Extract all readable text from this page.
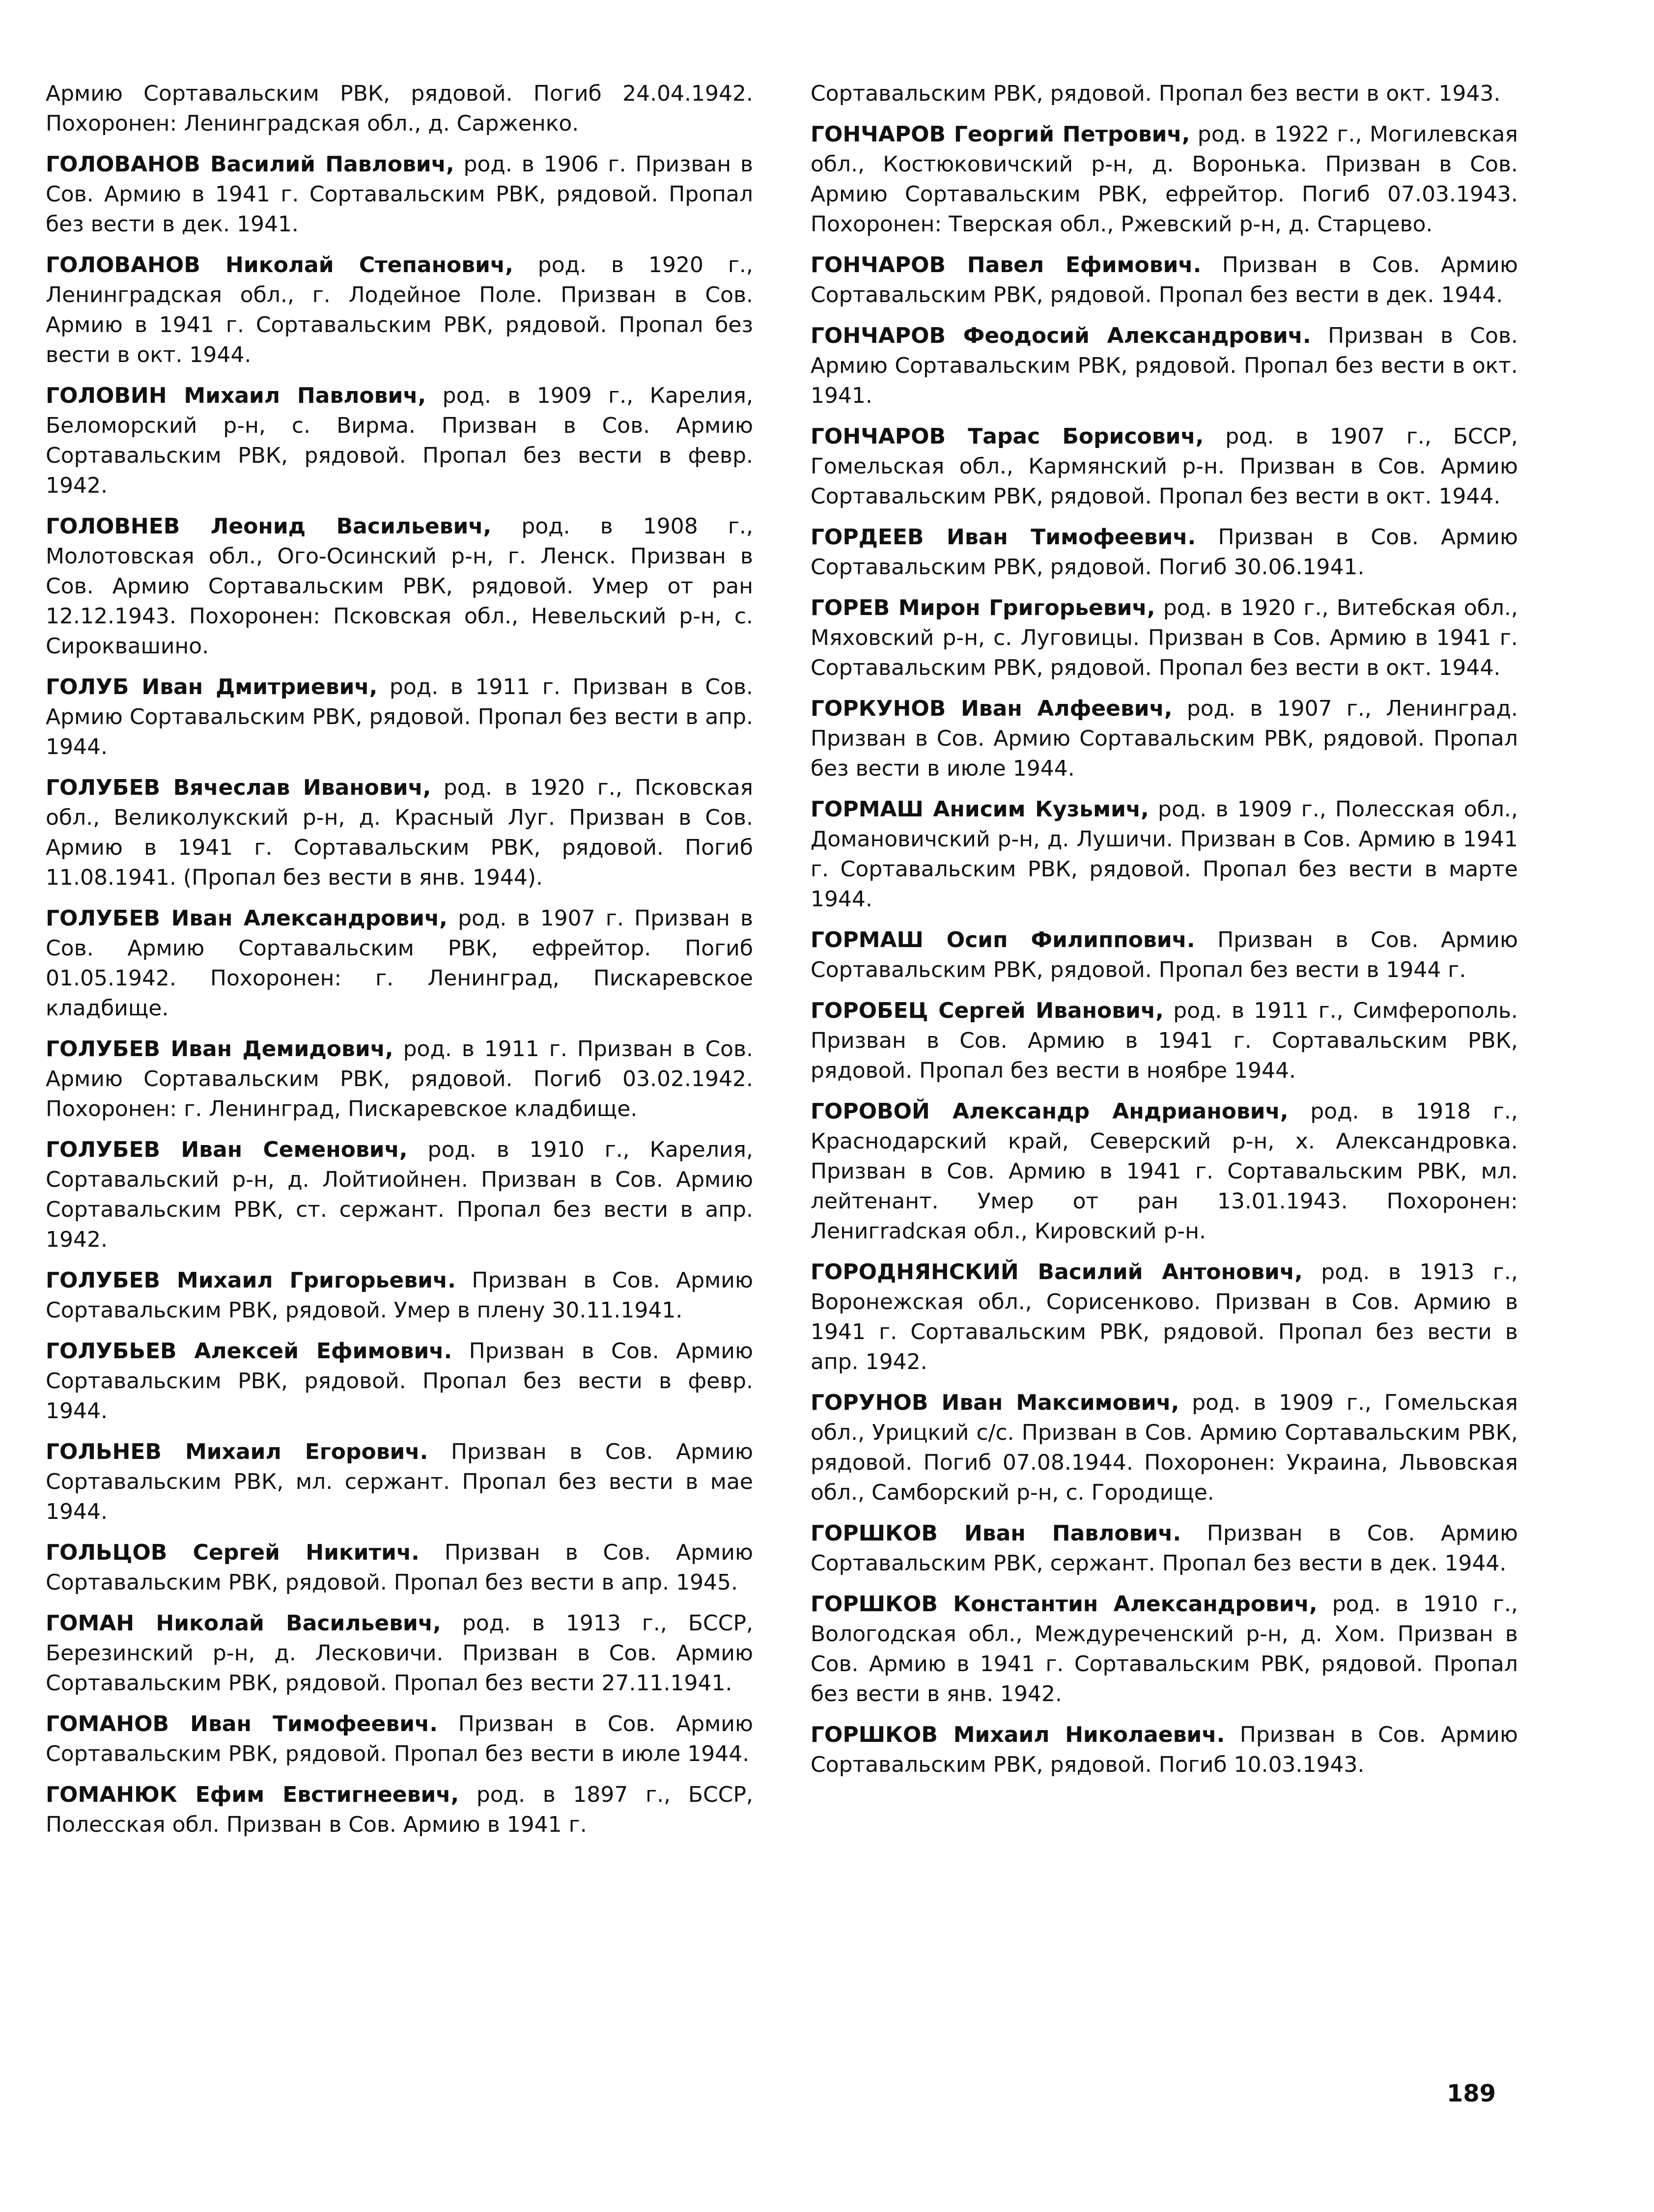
Армию Сортавальским РВК, рядовой. Погиб 24.04.1942. Похоронен: Ленинградская обл., д. Сарженко.

ГОЛОВАНОВ Василий Павлович, род. в 1906 г. Призван в Сов. Армию в 1941 г. Сортавальским РВК, рядовой. Пропал без вести в дек. 1941.

ГОЛОВАНОВ Николай Степанович, род. в 1920 г., Ленинградская обл., г. Лодейное Поле. Призван в Сов. Армию в 1941 г. Сортавальским РВК, рядовой. Пропал без вести в окт. 1944.

ГОЛОВИН Михаил Павлович, род. в 1909 г., Карелия, Беломорский р-н, с. Вирма. Призван в Сов. Армию Сортавальским РВК, рядовой. Пропал без вести в февр. 1942.

ГОЛОВНЕВ Леонид Васильевич, род. в 1908 г., Молотовская обл., Ого-Осинский р-н, г. Ленск. Призван в Сов. Армию Сортавальским РВК, рядовой. Умер от ран 12.12.1943. Похоронен: Псковская обл., Невельский р-н, с. Сироквашино.

ГОЛУБ Иван Дмитриевич, род. в 1911 г. Призван в Сов. Армию Сортавальским РВК, рядовой. Пропал без вести в апр. 1944.

ГОЛУБЕВ Вячеслав Иванович, род. в 1920 г., Псковская обл., Великолукский р-н, д. Красный Луг. Призван в Сов. Армию в 1941 г. Сортавальским РВК, рядовой. Погиб 11.08.1941. (Пропал без вести в янв. 1944).

ГОЛУБЕВ Иван Александрович, род. в 1907 г. Призван в Сов. Армию Сортавальским РВК, ефрейтор. Погиб 01.05.1942. Похоронен: г. Ленинград, Пискаревское кладбище.

ГОЛУБЕВ Иван Демидович, род. в 1911 г. Призван в Сов. Армию Сортавальским РВК, рядовой. Погиб 03.02.1942. Похоронен: г. Ленинград, Пискаревское кладбище.

ГОЛУБЕВ Иван Семенович, род. в 1910 г., Карелия, Сортавальский р-н, д. Лойтиойнен. Призван в Сов. Армию Сортавальским РВК, ст. сержант. Пропал без вести в апр. 1942.

ГОЛУБЕВ Михаил Григорьевич. Призван в Сов. Армию Сортавальским РВК, рядовой. Умер в плену 30.11.1941.

ГОЛУБЬЕВ Алексей Ефимович. Призван в Сов. Армию Сортавальским РВК, рядовой. Пропал без вести в февр. 1944.

ГОЛЬНЕВ Михаил Егорович. Призван в Сов. Армию Сортавальским РВК, мл. сержант. Пропал без вести в мае 1944.

ГОЛЬЦОВ Сергей Никитич. Призван в Сов. Армию Сортавальским РВК, рядовой. Пропал без вести в апр. 1945.

ГОМАН Николай Васильевич, род. в 1913 г., БССР, Березинский р-н, д. Лесковичи. Призван в Сов. Армию Сортавальским РВК, рядовой. Пропал без вести 27.11.1941.

ГОМАНОВ Иван Тимофеевич. Призван в Сов. Армию Сортавальским РВК, рядовой. Пропал без вести в июле 1944.

ГОМАНЮК Ефим Евстигнеевич, род. в 1897 г., БССР, Полесская обл. Призван в Сов. Армию в 1941 г.

Сортавальским РВК, рядовой. Пропал без вести в окт. 1943.

ГОНЧАРОВ Георгий Петрович, род. в 1922 г., Могилевская обл., Костюковичский р-н, д. Воронька. Призван в Сов. Армию Сортавальским РВК, ефрейтор. Погиб 07.03.1943. Похоронен: Тверская обл., Ржевский р-н, д. Старцево.

ГОНЧАРОВ Павел Ефимович. Призван в Сов. Армию Сортавальским РВК, рядовой. Пропал без вести в дек. 1944.

ГОНЧАРОВ Феодосий Александрович. Призван в Сов. Армию Сортавальским РВК, рядовой. Пропал без вести в окт. 1941.

ГОНЧАРОВ Тарас Борисович, род. в 1907 г., БССР, Гомельская обл., Кармянский р-н. Призван в Сов. Армию Сортавальским РВК, рядовой. Пропал без вести в окт. 1944.

ГОРДЕЕВ Иван Тимофеевич. Призван в Сов. Армию Сортавальским РВК, рядовой. Погиб 30.06.1941.

ГОРЕВ Мирон Григорьевич, род. в 1920 г., Витебская обл., Мяховский р-н, с. Луговицы. Призван в Сов. Армию в 1941 г. Сортавальским РВК, рядовой. Пропал без вести в окт. 1944.

ГОРКУНОВ Иван Алфеевич, род. в 1907 г., Ленинград. Призван в Сов. Армию Сортавальским РВК, рядовой. Пропал без вести в июле 1944.

ГОРМАШ Анисим Кузьмич, род. в 1909 г., Полесская обл., Домановичский р-н, д. Лушичи. Призван в Сов. Армию в 1941 г. Сортавальским РВК, рядовой. Пропал без вести в марте 1944.

ГОРМАШ Осип Филиппович. Призван в Сов. Армию Сортавальским РВК, рядовой. Пропал без вести в 1944 г.

ГОРОБЕЦ Сергей Иванович, род. в 1911 г., Симферополь. Призван в Сов. Армию в 1941 г. Сортавальским РВК, рядовой. Пропал без вести в ноябре 1944.

ГОРОВОЙ Александр Андрианович, род. в 1918 г., Краснодарский край, Северский р-н, х. Александровка. Призван в Сов. Армию в 1941 г. Сортавальским РВК, мл. лейтенант. Умер от ран 13.01.1943. Похоронен: Ленигradская обл., Кировский р-н.

ГОРОДНЯНСКИЙ Василий Антонович, род. в 1913 г., Воронежская обл., Сорисенково. Призван в Сов. Армию в 1941 г. Сортавальским РВК, рядовой. Пропал без вести в апр. 1942.

ГОРУНОВ Иван Максимович, род. в 1909 г., Гомельская обл., Урицкий с/с. Призван в Сов. Армию Сортавальским РВК, рядовой. Погиб 07.08.1944. Похоронен: Украина, Львовская обл., Самборский р-н, с. Городище.

ГОРШКОВ Иван Павлович. Призван в Сов. Армию Сортавальским РВК, сержант. Пропал без вести в дек. 1944.

ГОРШКОВ Константин Александрович, род. в 1910 г., Вологодская обл., Междуреченский р-н, д. Хом. Призван в Сов. Армию в 1941 г. Сортавальским РВК, рядовой. Пропал без вести в янв. 1942.

ГОРШКОВ Михаил Николаевич. Призван в Сов. Армию Сортавальским РВК, рядовой. Погиб 10.03.1943.

189
